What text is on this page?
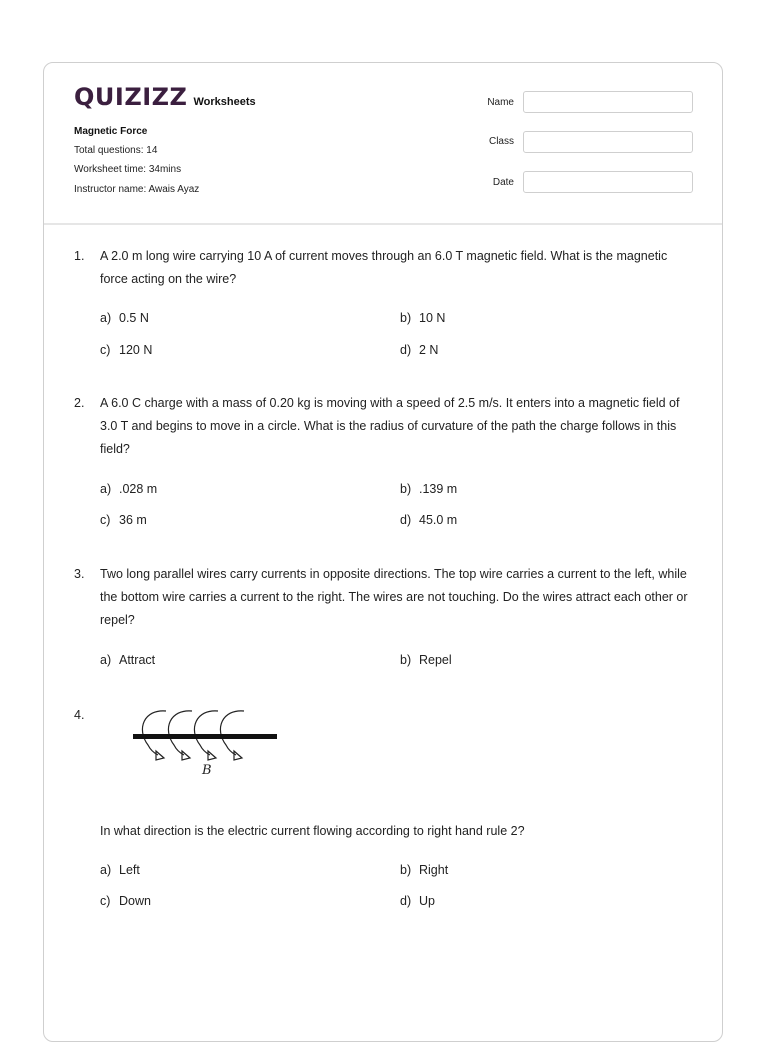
QUIZIZZ Worksheets
Magnetic Force
Total questions: 14
Worksheet time: 34mins
Instructor name: Awais Ayaz
Name
Class
Date
1. A 2.0 m long wire carrying 10 A of current moves through an 6.0 T magnetic field. What is the magnetic force acting on the wire?
a) 0.5 N	b) 10 N
c) 120 N	d) 2 N
2. A 6.0 C charge with a mass of 0.20 kg is moving with a speed of 2.5 m/s. It enters into a magnetic field of 3.0 T and begins to move in a circle. What is the radius of curvature of the path the charge follows in this field?
a) .028 m	b) .139 m
c) 36 m	d) 45.0 m
3. Two long parallel wires carry currents in opposite directions. The top wire carries a current to the left, while the bottom wire carries a current to the right. The wires are not touching. Do the wires attract each other or repel?
a) Attract	b) Repel
4.
B
In what direction is the electric current flowing according to right hand rule 2?
a) Left	b) Right
c) Down	d) Up
